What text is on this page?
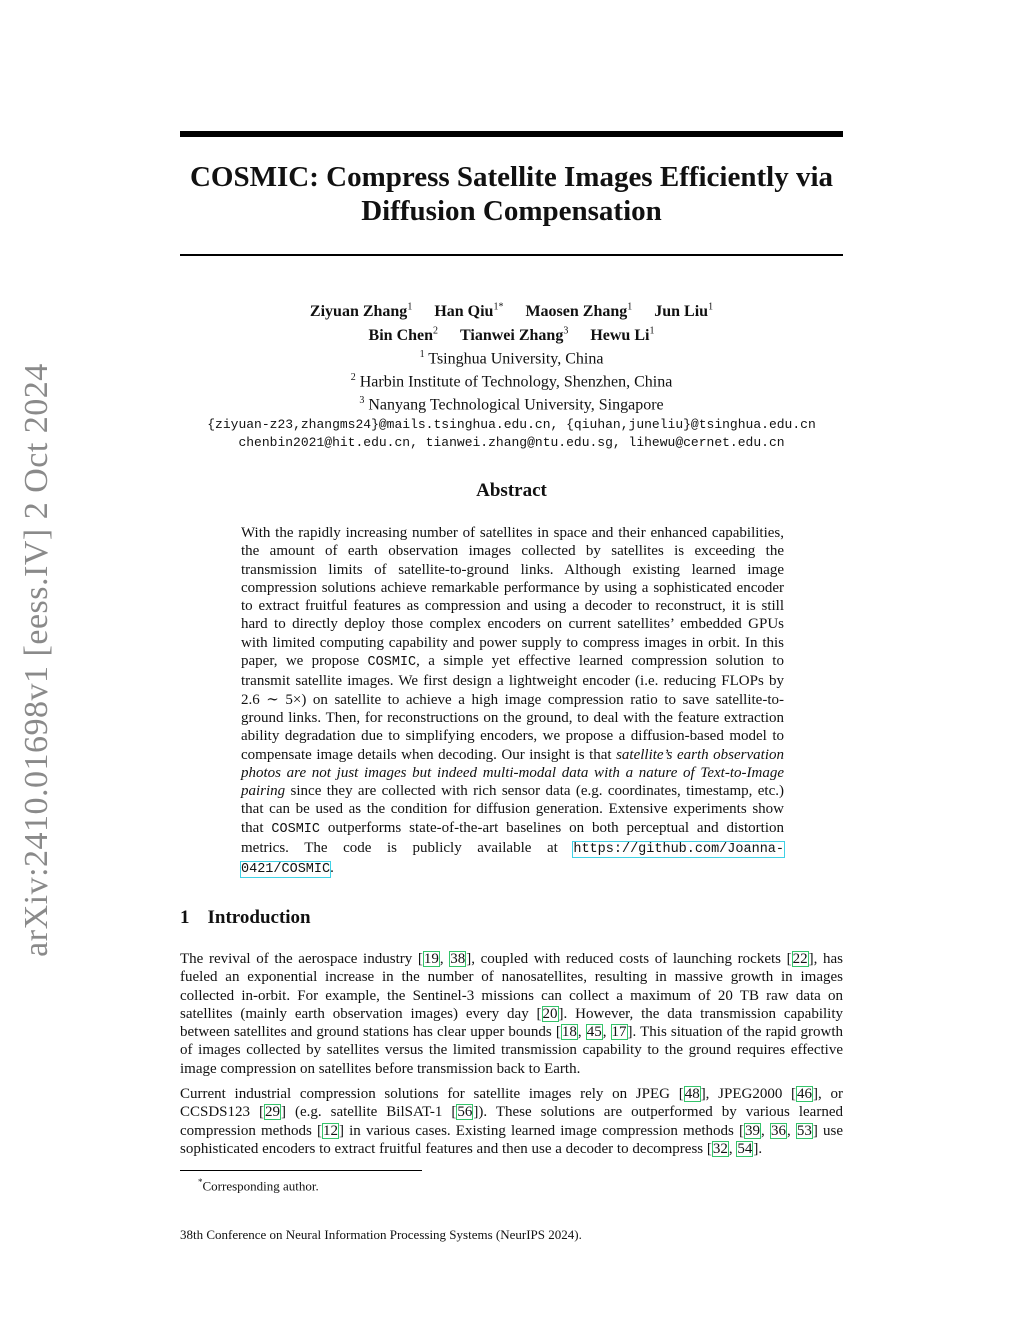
arXiv:2410.01698v1 [eess.IV] 2 Oct 2024
COSMIC: Compress Satellite Images Efficiently via
Diffusion Compensation
Ziyuan Zhang$^1$ Han Qiu$^{1*}$ Maosen Zhang$^1$ Jun Liu$^1$
Bin Chen$^2$ Tianwei Zhang$^3$ Hewu Li$^1$
$^1$ Tsinghua University, China
$^2$ Harbin Institute of Technology, Shenzhen, China
$^3$ Nanyang Technological University, Singapore
{ziyuan-z23,zhangms24}@mails.tsinghua.edu.cn, {qiuhan,juneliu}@tsinghua.edu.cn
chenbin2021@hit.edu.cn, tianwei.zhang@ntu.edu.sg, lihewu@cernet.edu.cn
Abstract
With the rapidly increasing number of satellites in space and their enhanced capabilities, the amount of earth observation images collected by satellites is exceeding the transmission limits of satellite-to-ground links. Although existing learned image compression solutions achieve remarkable performance by using a sophisticated encoder to extract fruitful features as compression and using a decoder to reconstruct, it is still hard to directly deploy those complex encoders on current satellites’ embedded GPUs with limited computing capability and power supply to compress images in orbit. In this paper, we propose COSMIC, a simple yet effective learned compression solution to transmit satellite images. We first design a lightweight encoder (i.e. reducing FLOPs by 2.6 ∼ 5×) on satellite to achieve a high image compression ratio to save satellite-to-ground links. Then, for reconstructions on the ground, to deal with the feature extraction ability degradation due to simplifying encoders, we propose a diffusion-based model to compensate image details when decoding. Our insight is that satellite’s earth observation photos are not just images but indeed multi-modal data with a nature of Text-to-Image pairing since they are collected with rich sensor data (e.g. coordinates, timestamp, etc.) that can be used as the condition for diffusion generation. Extensive experiments show that COSMIC outperforms state-of-the-art baselines on both perceptual and distortion metrics. The code is publicly available at https://github.com/Joanna-0421/COSMIC.
1 Introduction
The revival of the aerospace industry [19, 38], coupled with reduced costs of launching rockets [22], has fueled an exponential increase in the number of nanosatellites, resulting in massive growth in images collected in-orbit. For example, the Sentinel-3 missions can collect a maximum of 20 TB raw data on satellites (mainly earth observation images) every day [20]. However, the data transmission capability between satellites and ground stations has clear upper bounds [18, 45, 17]. This situation of the rapid growth of images collected by satellites versus the limited transmission capability to the ground requires effective image compression on satellites before transmission back to Earth.
Current industrial compression solutions for satellite images rely on JPEG [48], JPEG2000 [46], or CCSDS123 [29] (e.g. satellite BilSAT-1 [56]). These solutions are outperformed by various learned compression methods [12] in various cases. Existing learned image compression methods [39, 36, 53] use sophisticated encoders to extract fruitful features and then use a decoder to decompress [32, 54].
*Corresponding author.
38th Conference on Neural Information Processing Systems (NeurIPS 2024).
